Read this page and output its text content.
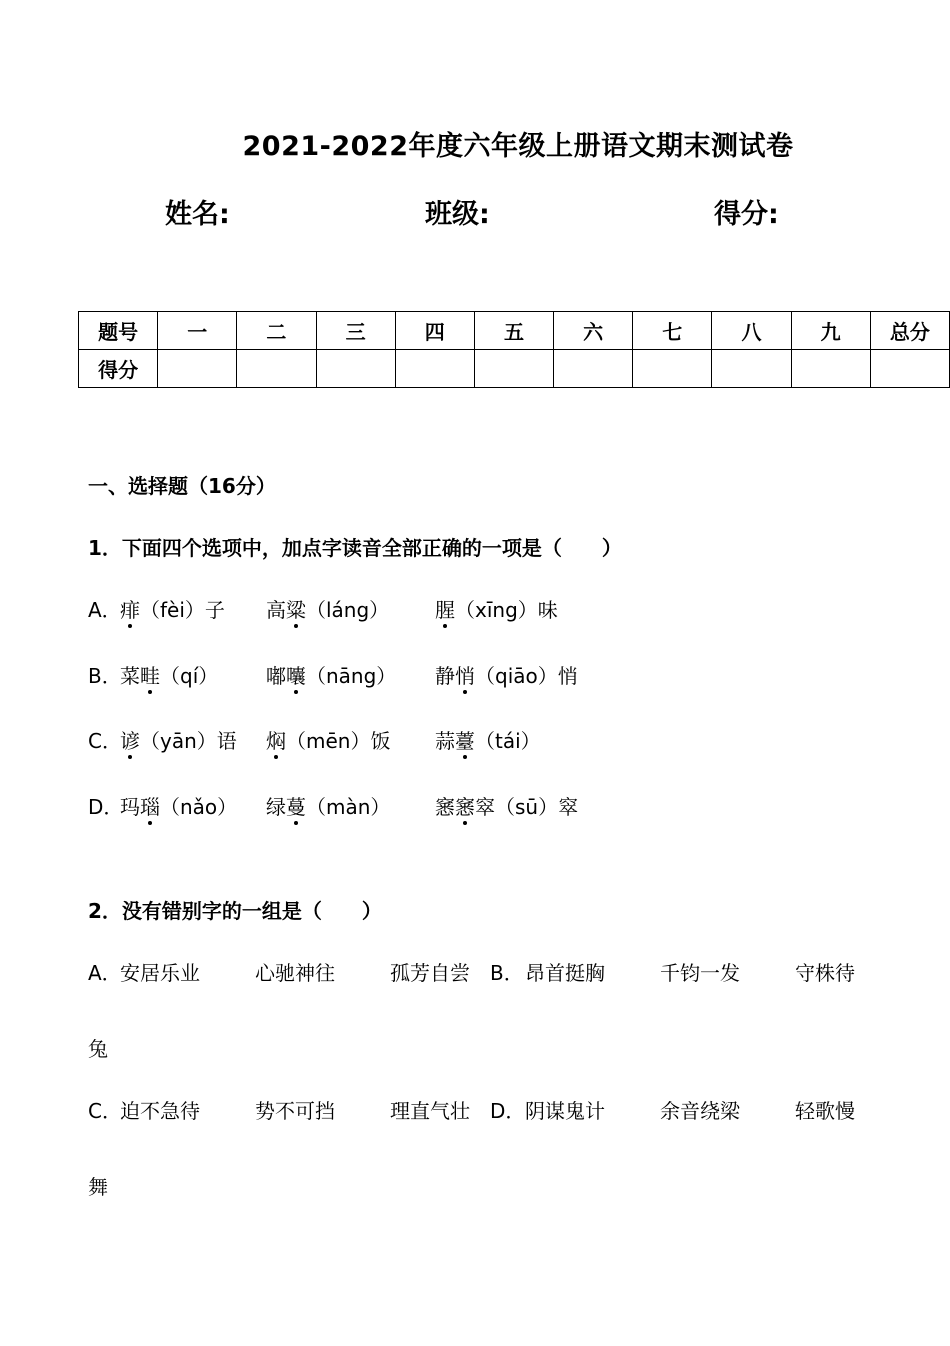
2021-2022年度六年级上册语文期末测试卷
姓名:	班级:	得分:
题号	一	二	三	四	五	六	七	八	九	总分
得分										
一、选择题（16分）
1．下面四个选项中，加点字读音全部正确的一项是（　　）
A．
痱（fèi）子 高粱（láng） 腥（xīng）味
B．
菜畦（qí） 嘟囔（nāng） 静悄（qiāo）悄
C．
谚（yān）语 焖（mēn）饭 蒜薹（tái）
D．
玛瑙（nǎo） 绿蔓（màn） 窸窸窣（sū）窣
2．没有错别字的一组是（　　）
A．
安居乐业	心驰神往	孤芳自尝 B． 昂首挺胸	千钧一发	守株待
兔
C．
迫不急待	势不可挡	理直气壮 D． 阴谋鬼计	余音绕梁	轻歌慢
舞
